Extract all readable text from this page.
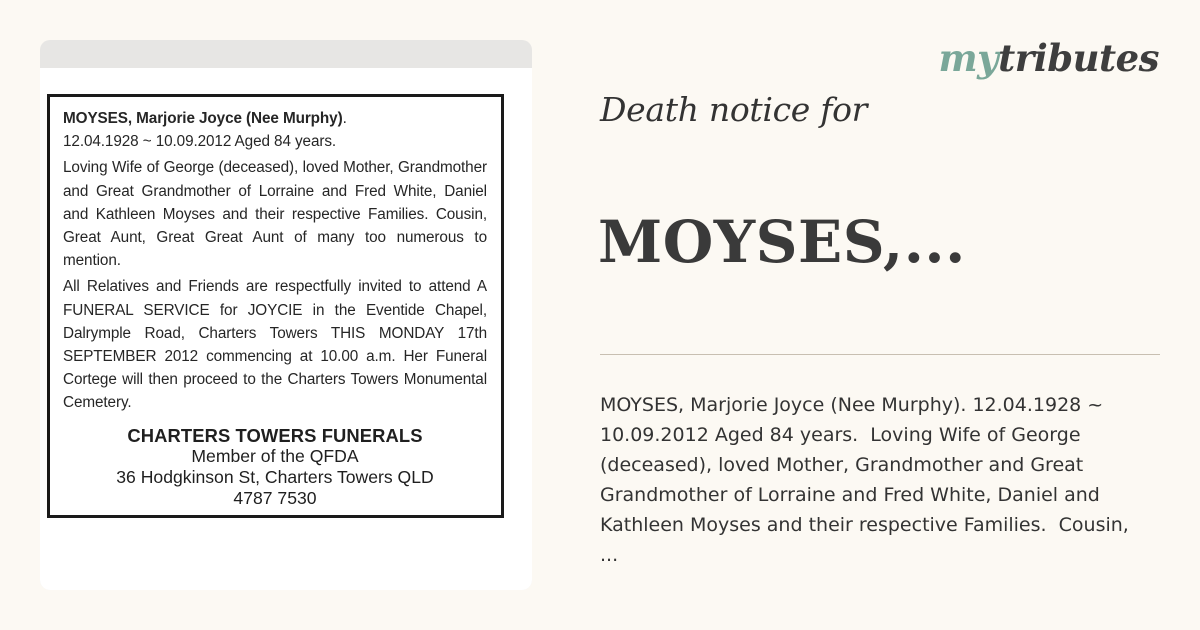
MOYSES, Marjorie Joyce (Nee Murphy).
12.04.1928 ~ 10.09.2012 Aged 84 years.

Loving Wife of George (deceased), loved Mother, Grandmother and Great Grandmother of Lorraine and Fred White, Daniel and Kathleen Moyses and their respective Families. Cousin, Great Aunt, Great Great Aunt of many too numerous to mention.

All Relatives and Friends are respectfully invited to attend A FUNERAL SERVICE for JOYCIE in the Eventide Chapel, Dalrymple Road, Charters Towers THIS MONDAY 17th SEPTEMBER 2012 commencing at 10.00 a.m. Her Funeral Cortege will then proceed to the Charters Towers Monumental Cemetery.

CHARTERS TOWERS FUNERALS
Member of the QFDA
36 Hodgkinson St, Charters Towers QLD
4787 7530
mytributes
Death notice for
MOYSES,...

MOYSES, Marjorie Joyce (Nee Murphy). 12.04.1928 ~
10.09.2012 Aged 84 years.  Loving Wife of George
(deceased), loved Mother, Grandmother and Great
Grandmother of Lorraine and Fred White, Daniel and
Kathleen Moyses and their respective Families.  Cousin,
...
